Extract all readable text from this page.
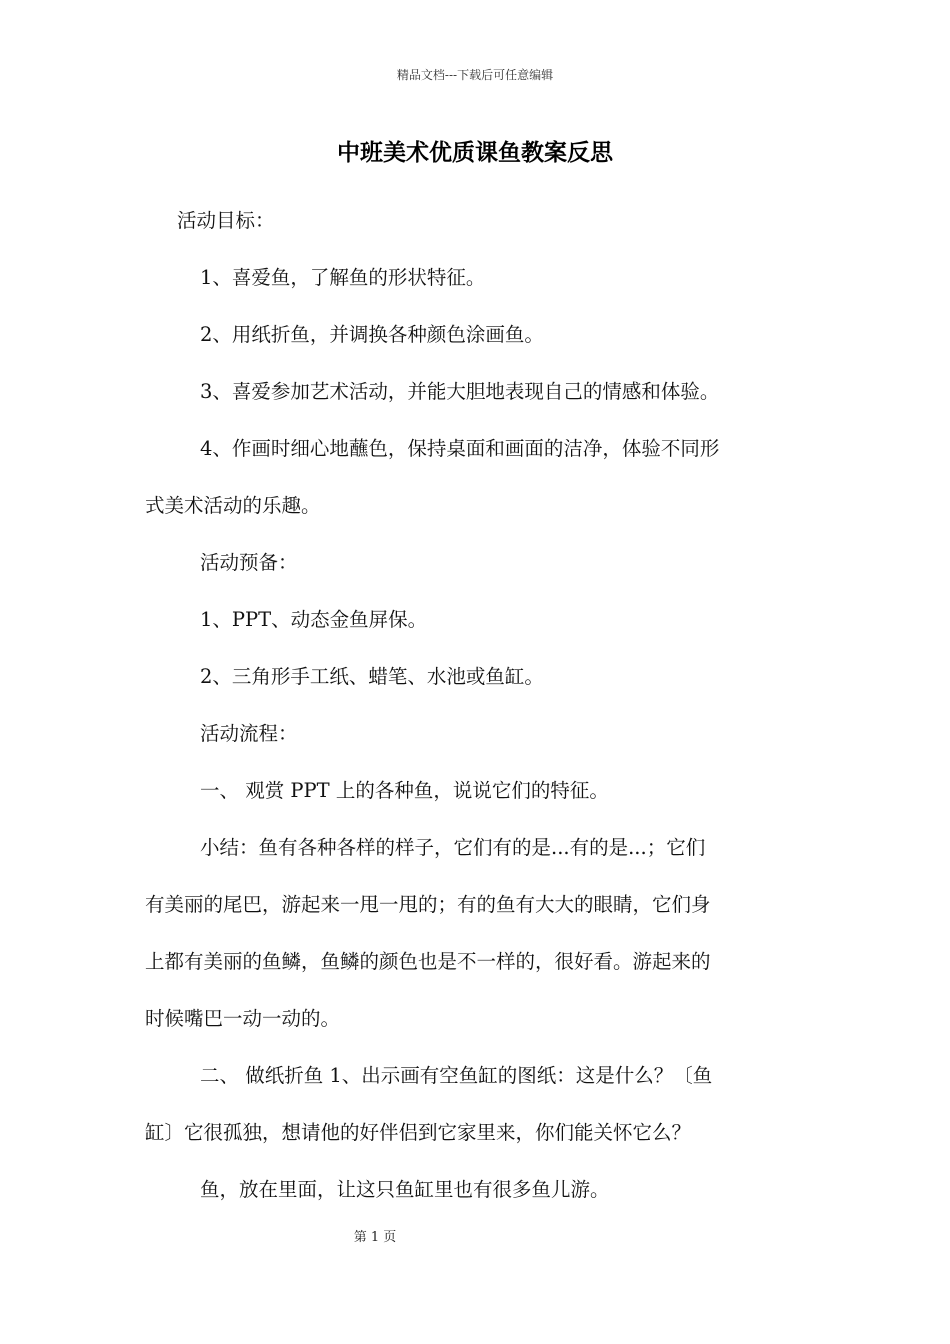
精品文档---下载后可任意编辑
中班美术优质课鱼教案反思
活动目标：
1、喜爱鱼，了解鱼的形状特征。
2、用纸折鱼，并调换各种颜色涂画鱼。
3、喜爱参加艺术活动，并能大胆地表现自己的情感和体验。
4、作画时细心地蘸色，保持桌面和画面的洁净，体验不同形
式美术活动的乐趣。
活动预备：
1、PPT、动态金鱼屏保。
2、三角形手工纸、蜡笔、水池或鱼缸。
活动流程：
一、 观赏 PPT 上的各种鱼，说说它们的特征。
小结：鱼有各种各样的样子，它们有的是...有的是...；它们
有美丽的尾巴，游起来一甩一甩的；有的鱼有大大的眼睛，它们身
上都有美丽的鱼鳞，鱼鳞的颜色也是不一样的，很好看。游起来的
时候嘴巴一动一动的。
二、 做纸折鱼 1、出示画有空鱼缸的图纸：这是什么？〔鱼
缸〕它很孤独，想请他的好伴侣到它家里来，你们能关怀它么？
鱼，放在里面，让这只鱼缸里也有很多鱼儿游。
第 1 页
